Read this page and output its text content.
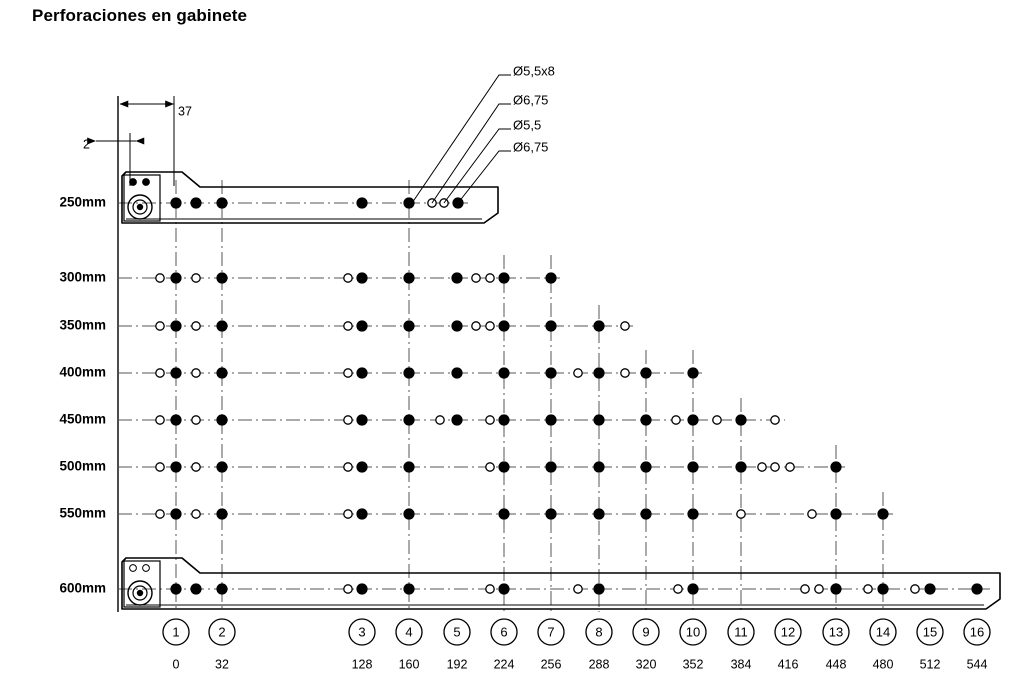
Perforaciones en gabinete
Ø5,5x8
Ø6,75
Ø5,5
Ø6,75
250mm
300mm
350mm
400mm
450mm
500mm
550mm
600mm
1
0
2
32
3
128
4
160
5
192
6
224
7
256
8
288
9
320
10
352
11
384
12
416
13
448
14
480
15
512
16
544
37
2
